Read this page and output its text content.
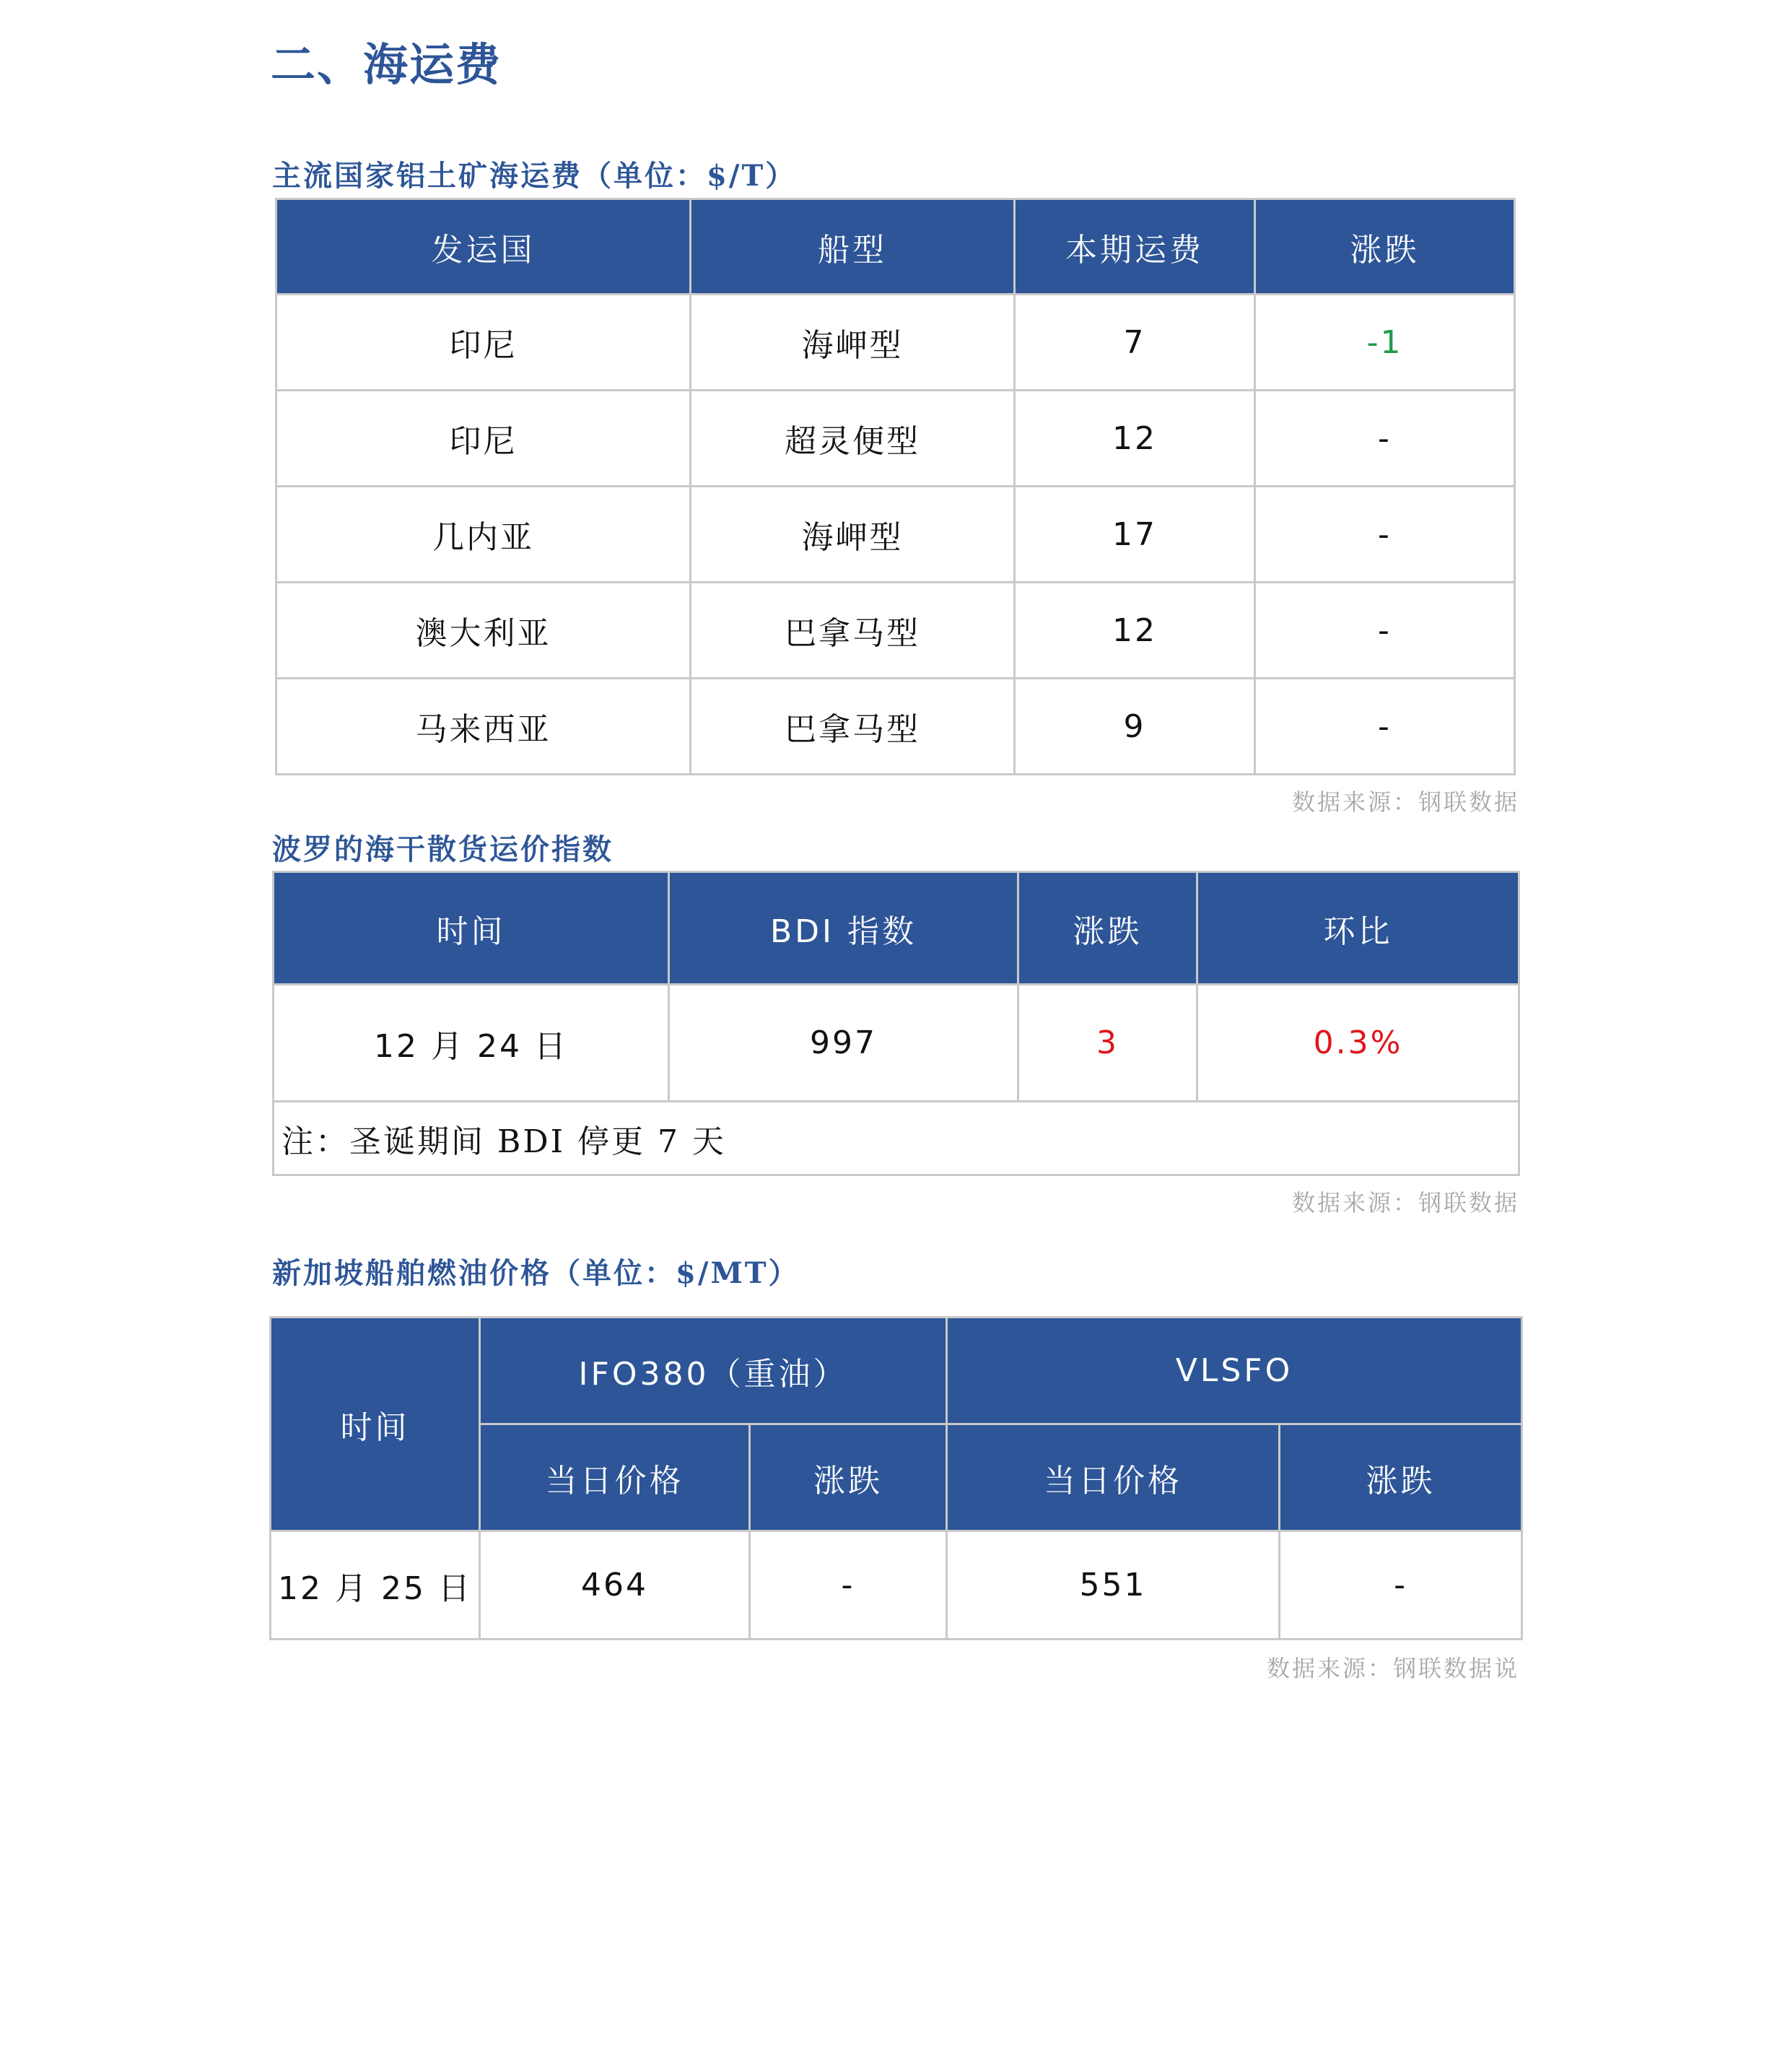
二、海运费
主流国家铝土矿海运费（单位：$/T）
发运国	船型	本期运费	涨跌
印尼	海岬型	7	-1
印尼	超灵便型	12	-
几内亚	海岬型	17	-
澳大利亚	巴拿马型	12	-
马来西亚	巴拿马型	9	-
数据来源：钢联数据
波罗的海干散货运价指数
时间	BDI 指数	涨跌	环比
12 月 24 日	997	3	0.3%
注：圣诞期间 BDI 停更 7 天			
数据来源：钢联数据
新加坡船舶燃油价格（单位：$/MT）
时间	IFO380（重油）		VLSFO	
	当日价格	涨跌	当日价格	涨跌
12 月 25 日	464	-	551	-
数据来源：钢联数据说
